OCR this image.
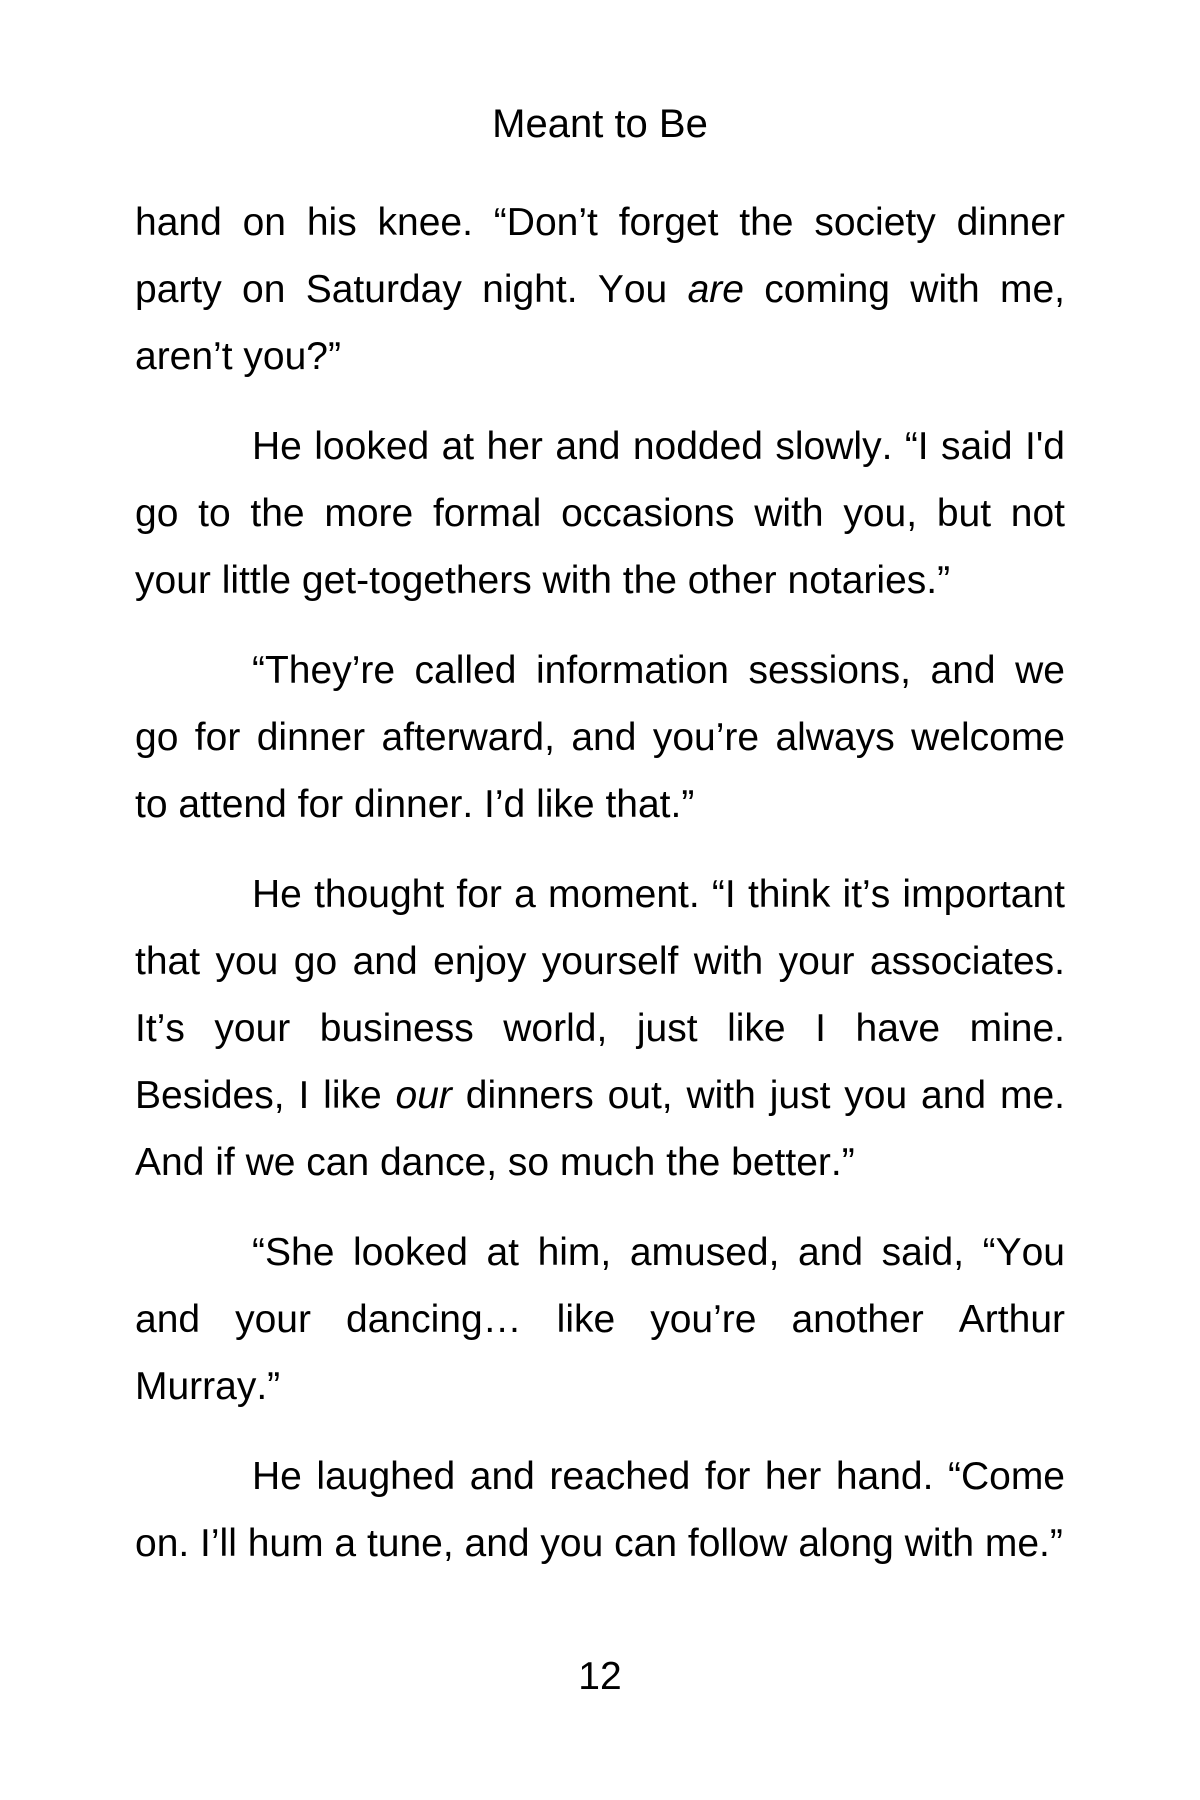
Meant to Be

hand on his knee. “Don’t forget the society dinner party on Saturday night. You are coming with me, aren’t you?”

He looked at her and nodded slowly. “I said I'd go to the more formal occasions with you, but not your little get-togethers with the other notaries.”

“They’re called information sessions, and we go for dinner afterward, and you’re always welcome to attend for dinner. I’d like that.”

He thought for a moment. “I think it’s important that you go and enjoy yourself with your associates. It’s your business world, just like I have mine. Besides, I like our dinners out, with just you and me. And if we can dance, so much the better.”

“She looked at him, amused, and said, “You and your dancing… like you’re another Arthur Murray.”

He laughed and reached for her hand. “Come on. I’ll hum a tune, and you can follow along with me.”

12
